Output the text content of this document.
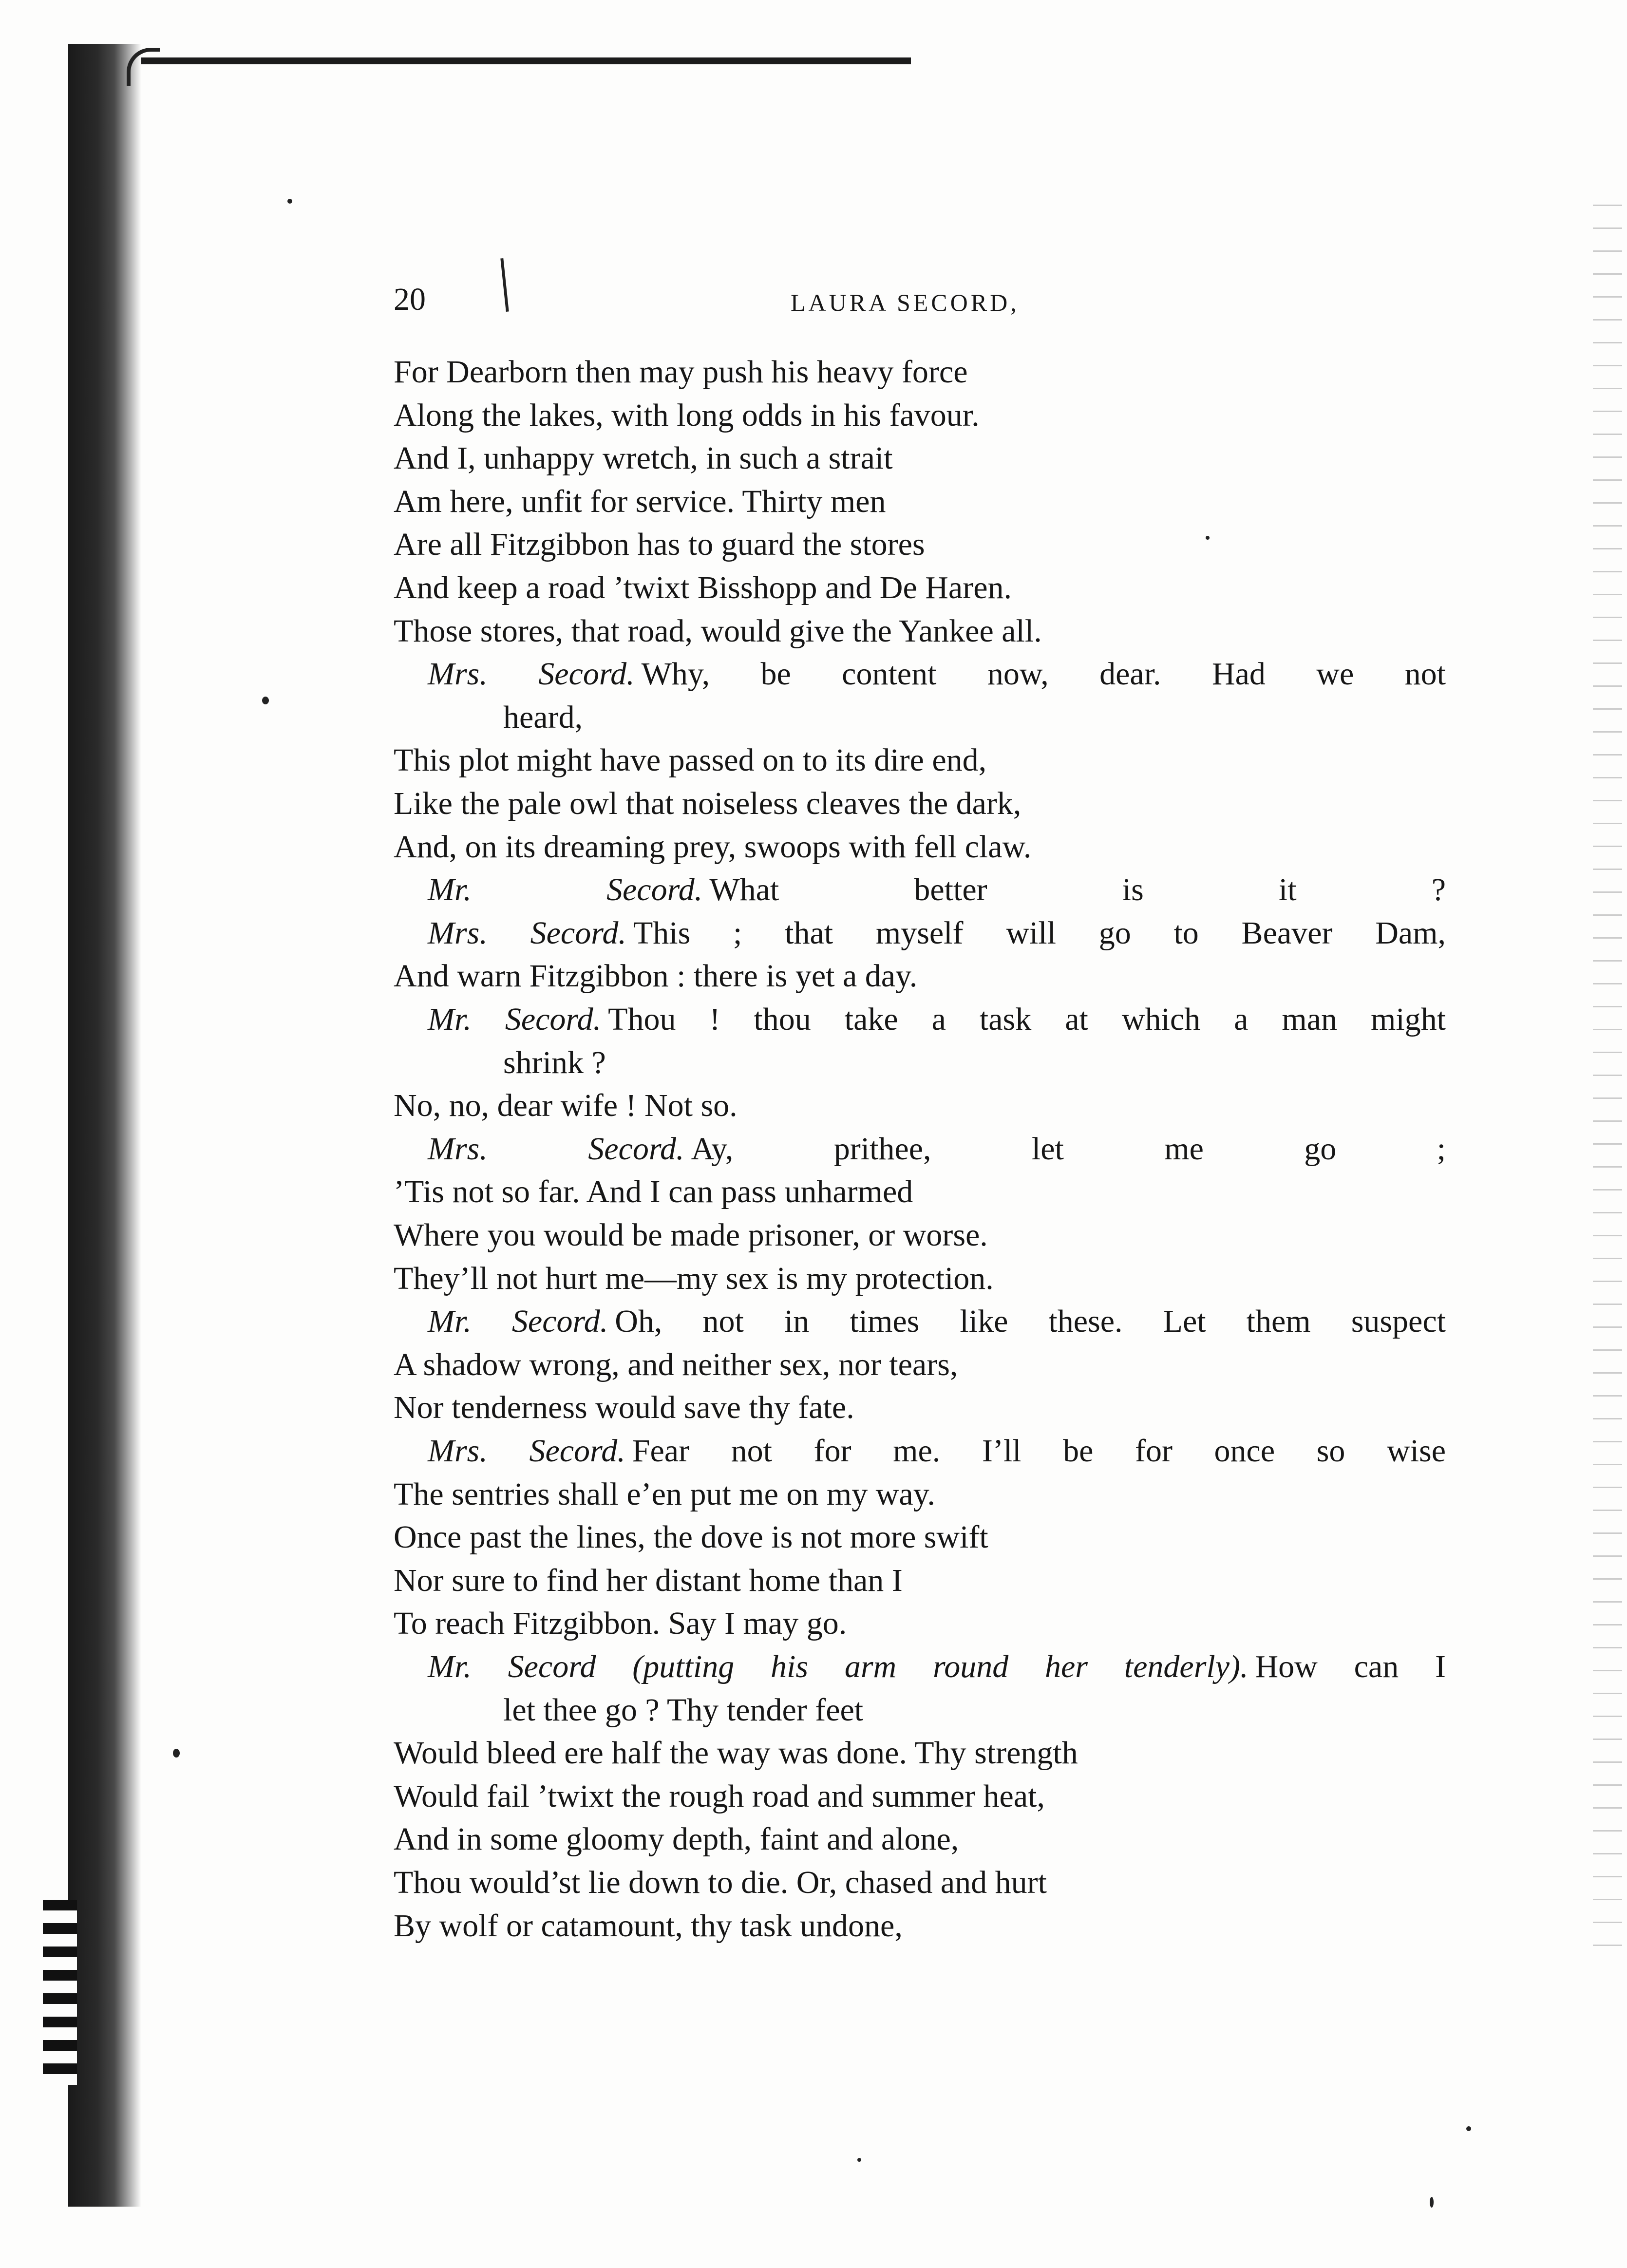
20	LAURA SECORD,
For Dearborn then may push his heavy force
Along the lakes, with long odds in his favour.
And I, unhappy wretch, in such a strait
Am here, unfit for service. Thirty men
Are all Fitzgibbon has to guard the stores
And keep a road ’twixt Bisshopp and De Haren.
Those stores, that road, would give the Yankee all.
Mrs. Secord. Why, be content now, dear. Had we not
heard,
This plot might have passed on to its dire end,
Like the pale owl that noiseless cleaves the dark,
And, on its dreaming prey, swoops with fell claw.
Mr. Secord. What better is it ?
Mrs. Secord. This ; that myself will go to Beaver Dam,
And warn Fitzgibbon : there is yet a day.
Mr. Secord. Thou ! thou take a task at which a man might
shrink ?
No, no, dear wife ! Not so.
Mrs. Secord. Ay, prithee, let me go ;
’Tis not so far. And I can pass unharmed
Where you would be made prisoner, or worse.
They’ll not hurt me—my sex is my protection.
Mr. Secord. Oh, not in times like these. Let them suspect
A shadow wrong, and neither sex, nor tears,
Nor tenderness would save thy fate.
Mrs. Secord. Fear not for me. I’ll be for once so wise
The sentries shall e’en put me on my way.
Once past the lines, the dove is not more swift
Nor sure to find her distant home than I
To reach Fitzgibbon. Say I may go.
Mr. Secord (putting his arm round her tenderly). How can I
let thee go ? Thy tender feet
Would bleed ere half the way was done. Thy strength
Would fail ’twixt the rough road and summer heat,
And in some gloomy depth, faint and alone,
Thou would’st lie down to die. Or, chased and hurt
By wolf or catamount, thy task undone,
